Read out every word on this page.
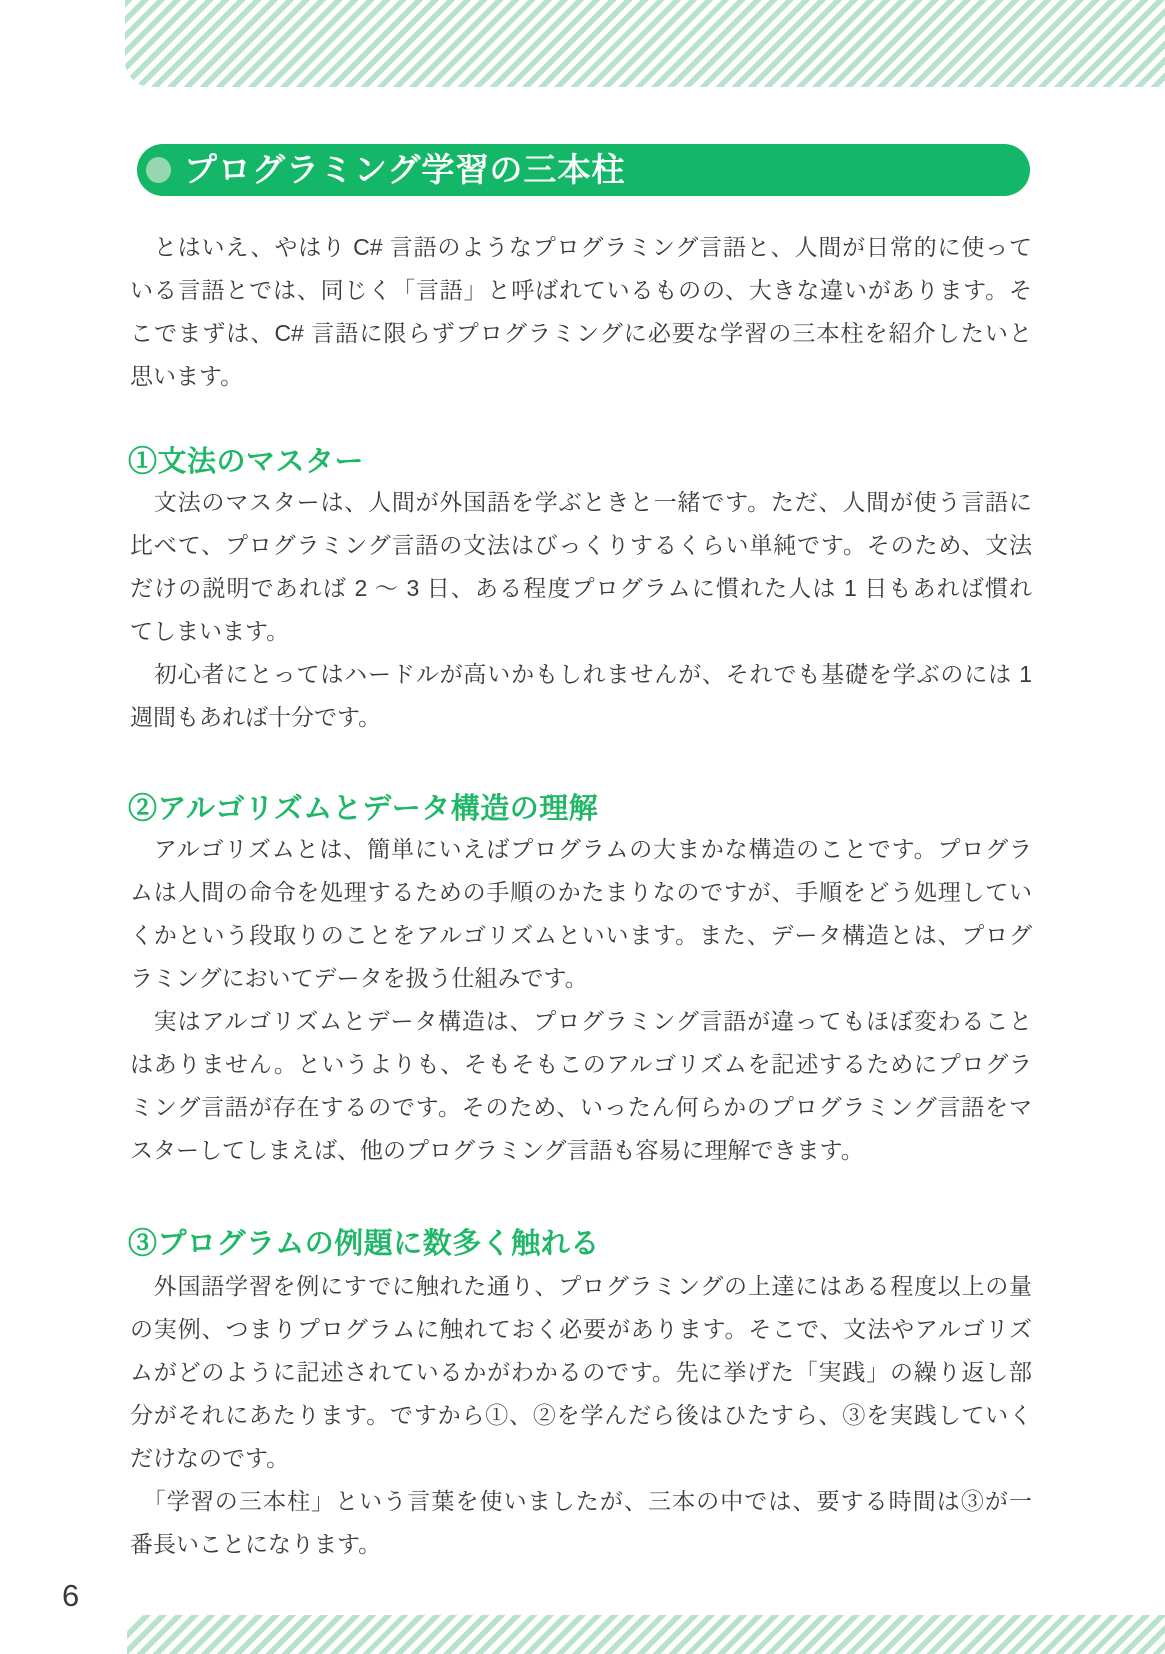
プログラミング学習の三本柱
　とはいえ、やはり C# 言語のようなプログラミング言語と、人間が日常的に使って
いる言語とでは、同じく「言語」と呼ばれているものの、大きな違いがあります。そ
こでまずは、C# 言語に限らずプログラミングに必要な学習の三本柱を紹介したいと
思います。
①文法のマスター
　文法のマスターは、人間が外国語を学ぶときと一緒です。ただ、人間が使う言語に
比べて、プログラミング言語の文法はびっくりするくらい単純です。そのため、文法
だけの説明であれば 2 ～ 3 日、ある程度プログラムに慣れた人は 1 日もあれば慣れ
てしまいます。
　初心者にとってはハードルが高いかもしれませんが、それでも基礎を学ぶのには 1
週間もあれば十分です。
②アルゴリズムとデータ構造の理解
　アルゴリズムとは、簡単にいえばプログラムの大まかな構造のことです。プログラ
ムは人間の命令を処理するための手順のかたまりなのですが、手順をどう処理してい
くかという段取りのことをアルゴリズムといいます。また、データ構造とは、プログ
ラミングにおいてデータを扱う仕組みです。
　実はアルゴリズムとデータ構造は、プログラミング言語が違ってもほぼ変わること
はありません。というよりも、そもそもこのアルゴリズムを記述するためにプログラ
ミング言語が存在するのです。そのため、いったん何らかのプログラミング言語をマ
スターしてしまえば、他のプログラミング言語も容易に理解できます。
③プログラムの例題に数多く触れる
　外国語学習を例にすでに触れた通り、プログラミングの上達にはある程度以上の量
の実例、つまりプログラムに触れておく必要があります。そこで、文法やアルゴリズ
ムがどのように記述されているかがわかるのです。先に挙げた「実践」の繰り返し部
分がそれにあたります。ですから①、②を学んだら後はひたすら、③を実践していく
だけなのです。
　「学習の三本柱」という言葉を使いましたが、三本の中では、要する時間は③が一
番長いことになります。
6
